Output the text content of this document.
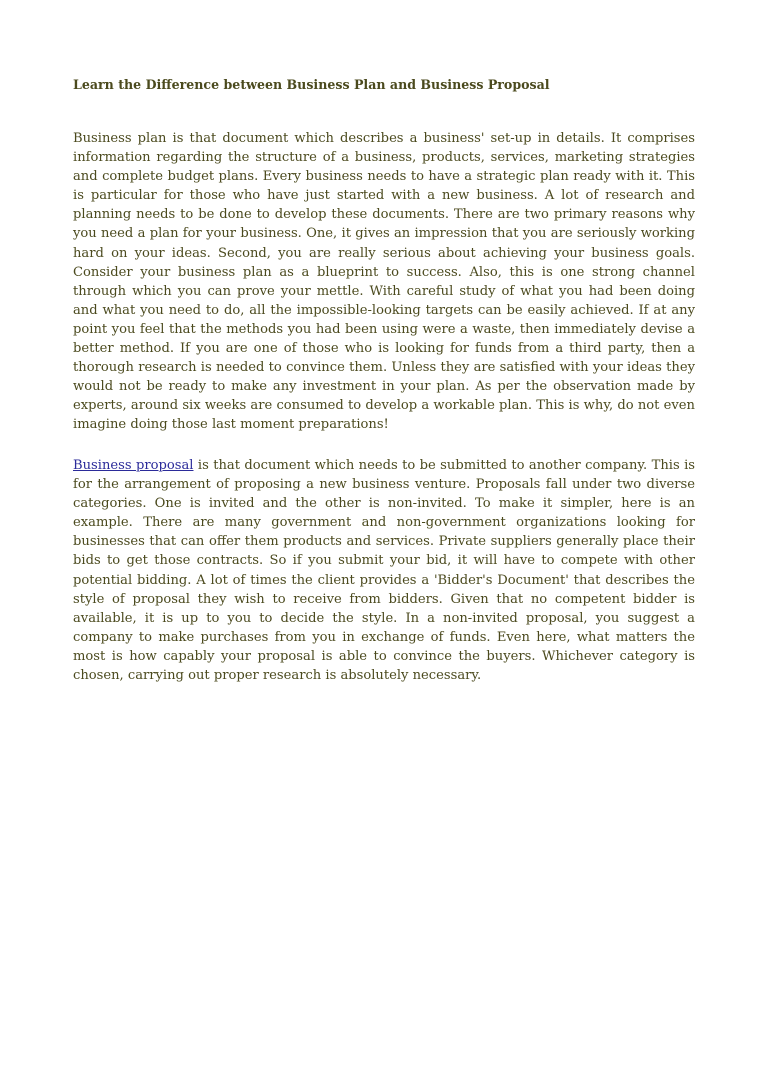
Learn the Difference between Business Plan and Business Proposal

Business plan is that document which describes a business' set-up in details. It comprises information regarding the structure of a business, products, services, marketing strategies and complete budget plans. Every business needs to have a strategic plan ready with it. This is particular for those who have just started with a new business. A lot of research and planning needs to be done to develop these documents. There are two primary reasons why you need a plan for your business. One, it gives an impression that you are seriously working hard on your ideas. Second, you are really serious about achieving your business goals. Consider your business plan as a blueprint to success. Also, this is one strong channel through which you can prove your mettle. With careful study of what you had been doing and what you need to do, all the impossible-looking targets can be easily achieved. If at any point you feel that the methods you had been using were a waste, then immediately devise a better method. If you are one of those who is looking for funds from a third party, then a thorough research is needed to convince them. Unless they are satisfied with your ideas they would not be ready to make any investment in your plan. As per the observation made by experts, around six weeks are consumed to develop a workable plan. This is why, do not even imagine doing those last moment preparations!

Business proposal is that document which needs to be submitted to another company. This is for the arrangement of proposing a new business venture. Proposals fall under two diverse categories. One is invited and the other is non-invited. To make it simpler, here is an example. There are many government and non-government organizations looking for businesses that can offer them products and services. Private suppliers generally place their bids to get those contracts. So if you submit your bid, it will have to compete with other potential bidding. A lot of times the client provides a 'Bidder's Document' that describes the style of proposal they wish to receive from bidders. Given that no competent bidder is available, it is up to you to decide the style. In a non-invited proposal, you suggest a company to make purchases from you in exchange of funds. Even here, what matters the most is how capably your proposal is able to convince the buyers. Whichever category is chosen, carrying out proper research is absolutely necessary.
